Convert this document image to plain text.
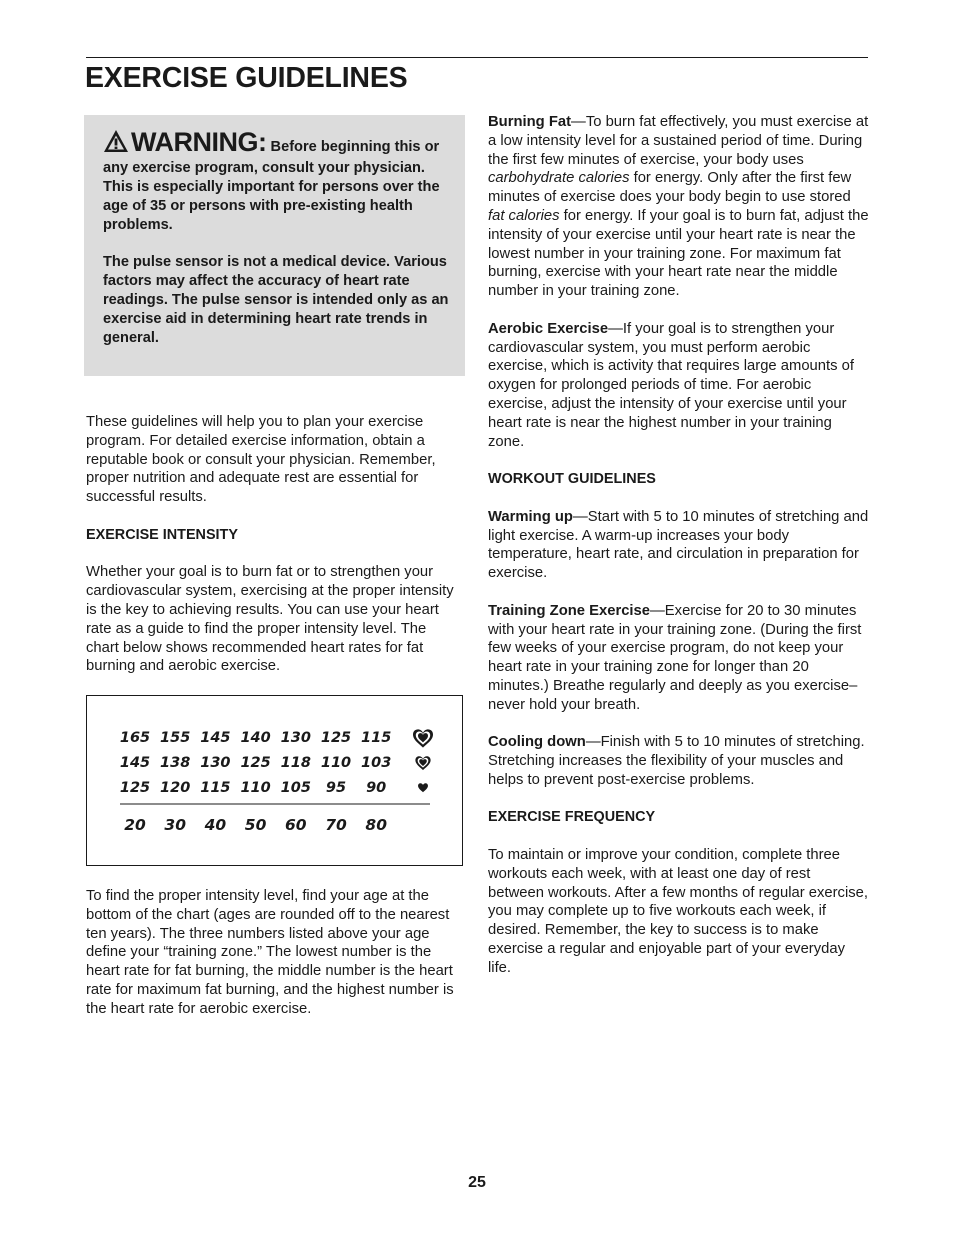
EXERCISE GUIDELINES

WARNING: Before beginning this or any exercise program, consult your physician. This is especially important for persons over the age of 35 or persons with pre-existing health problems.

The pulse sensor is not a medical device. Various factors may affect the accuracy of heart rate readings. The pulse sensor is intended only as an exercise aid in determining heart rate trends in general.

These guidelines will help you to plan your exercise program. For detailed exercise information, obtain a reputable book or consult your physician. Remember, proper nutrition and adequate rest are essential for successful results.

EXERCISE INTENSITY

Whether your goal is to burn fat or to strengthen your cardiovascular system, exercising at the proper intensity is the key to achieving results. You can use your heart rate as a guide to find the proper intensity level. The chart below shows recommended heart rates for fat burning and aerobic exercise.

165 155 145 140 130 125 115
145 138 130 125 118 110 103
125 120 115 110 105 95 90
20 30 40 50 60 70 80

To find the proper intensity level, find your age at the bottom of the chart (ages are rounded off to the nearest ten years). The three numbers listed above your age define your “training zone.” The lowest number is the heart rate for fat burning, the middle number is the heart rate for maximum fat burning, and the highest number is the heart rate for aerobic exercise.

Burning Fat—To burn fat effectively, you must exercise at a low intensity level for a sustained period of time. During the first few minutes of exercise, your body uses carbohydrate calories for energy. Only after the first few minutes of exercise does your body begin to use stored fat calories for energy. If your goal is to burn fat, adjust the intensity of your exercise until your heart rate is near the lowest number in your training zone. For maximum fat burning, exercise with your heart rate near the middle number in your training zone.

Aerobic Exercise—If your goal is to strengthen your cardiovascular system, you must perform aerobic exercise, which is activity that requires large amounts of oxygen for prolonged periods of time. For aerobic exercise, adjust the intensity of your exercise until your heart rate is near the highest number in your training zone.

WORKOUT GUIDELINES

Warming up—Start with 5 to 10 minutes of stretching and light exercise. A warm-up increases your body temperature, heart rate, and circulation in preparation for exercise.

Training Zone Exercise—Exercise for 20 to 30 minutes with your heart rate in your training zone. (During the first few weeks of your exercise program, do not keep your heart rate in your training zone for longer than 20 minutes.) Breathe regularly and deeply as you exercise–never hold your breath.

Cooling down—Finish with 5 to 10 minutes of stretching. Stretching increases the flexibility of your muscles and helps to prevent post-exercise problems.

EXERCISE FREQUENCY

To maintain or improve your condition, complete three workouts each week, with at least one day of rest between workouts. After a few months of regular exercise, you may complete up to five workouts each week, if desired. Remember, the key to success is to make exercise a regular and enjoyable part of your everyday life.

25
